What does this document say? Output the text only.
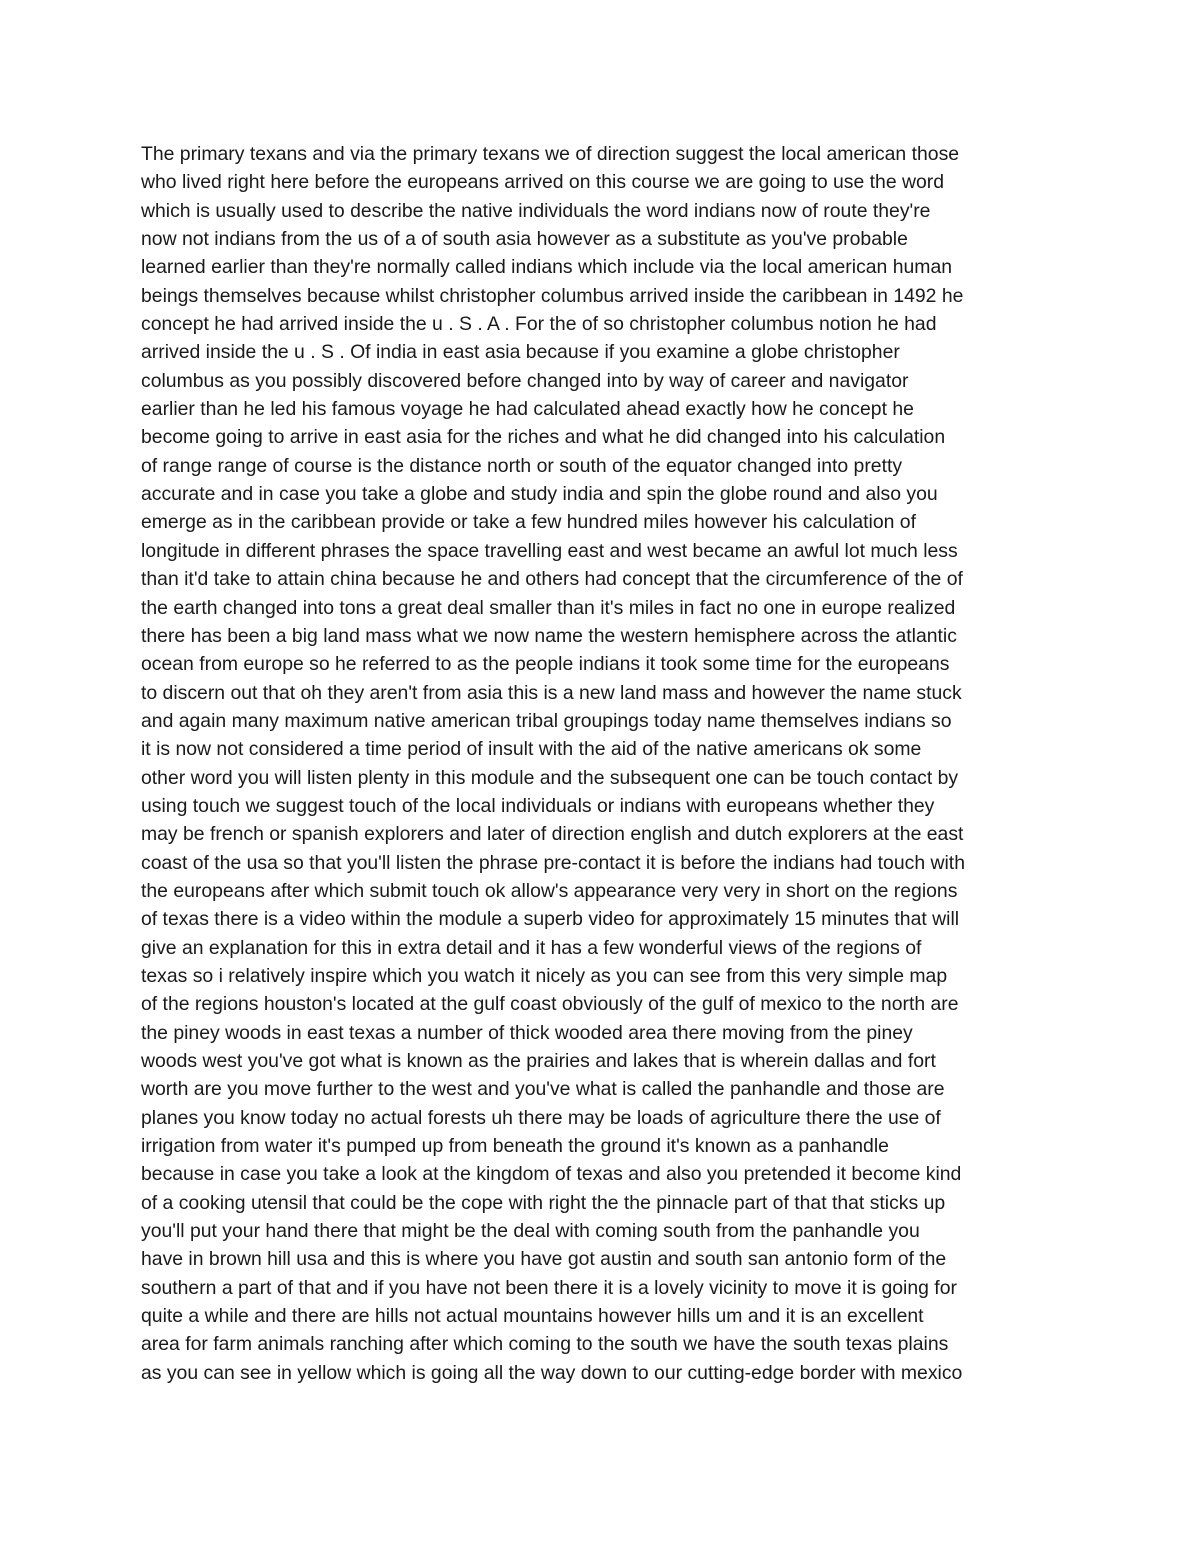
The primary texans and via the primary texans we of direction suggest the local american those
who lived right here before the europeans arrived on this course we are going to use the word
which is usually used to describe the native individuals the word indians now of route they're
now not indians from the us of a of south asia however as a substitute as you've probable
learned earlier than they're normally called indians which include via the local american human
beings themselves because whilst christopher columbus arrived inside the caribbean in 1492 he
concept he had arrived inside the u . S . A . For the of so christopher columbus notion he had
arrived inside the u . S . Of india in east asia because if you examine a globe christopher
columbus as you possibly discovered before changed into by way of career and navigator
earlier than he led his famous voyage he had calculated ahead exactly how he concept he
become going to arrive in east asia for the riches and what he did changed into his calculation
of range range of course is the distance north or south of the equator changed into pretty
accurate and in case you take a globe and study india and spin the globe round and also you
emerge as in the caribbean provide or take a few hundred miles however his calculation of
longitude in different phrases the space travelling east and west became an awful lot much less
than it'd take to attain china because he and others had concept that the circumference of the of
the earth changed into tons a great deal smaller than it's miles in fact no one in europe realized
there has been a big land mass what we now name the western hemisphere across the atlantic
ocean from europe so he referred to as the people indians it took some time for the europeans
to discern out that oh they aren't from asia this is a new land mass and however the name stuck
and again many maximum native american tribal groupings today name themselves indians so
it is now not considered a time period of insult with the aid of the native americans ok some
other word you will listen plenty in this module and the subsequent one can be touch contact by
using touch we suggest touch of the local individuals or indians with europeans whether they
may be french or spanish explorers and later of direction english and dutch explorers at the east
coast of the usa so that you'll listen the phrase pre-contact it is before the indians had touch with
the europeans after which submit touch ok allow's appearance very very in short on the regions
of texas there is a video within the module a superb video for approximately 15 minutes that will
give an explanation for this in extra detail and it has a few wonderful views of the regions of
texas so i relatively inspire which you watch it nicely as you can see from this very simple map
of the regions houston's located at the gulf coast obviously of the gulf of mexico to the north are
the piney woods in east texas a number of thick wooded area there moving from the piney
woods west you've got what is known as the prairies and lakes that is wherein dallas and fort
worth are you move further to the west and you've what is called the panhandle and those are
planes you know today no actual forests uh there may be loads of agriculture there the use of
irrigation from water it's pumped up from beneath the ground it's known as a panhandle
because in case you take a look at the kingdom of texas and also you pretended it become kind
of a cooking utensil that could be the cope with right the the pinnacle part of that that sticks up
you'll put your hand there that might be the deal with coming south from the panhandle you
have in brown hill usa and this is where you have got austin and south san antonio form of the
southern a part of that and if you have not been there it is a lovely vicinity to move it is going for
quite a while and there are hills not actual mountains however hills um and it is an excellent
area for farm animals ranching after which coming to the south we have the south texas plains
as you can see in yellow which is going all the way down to our cutting-edge border with mexico
